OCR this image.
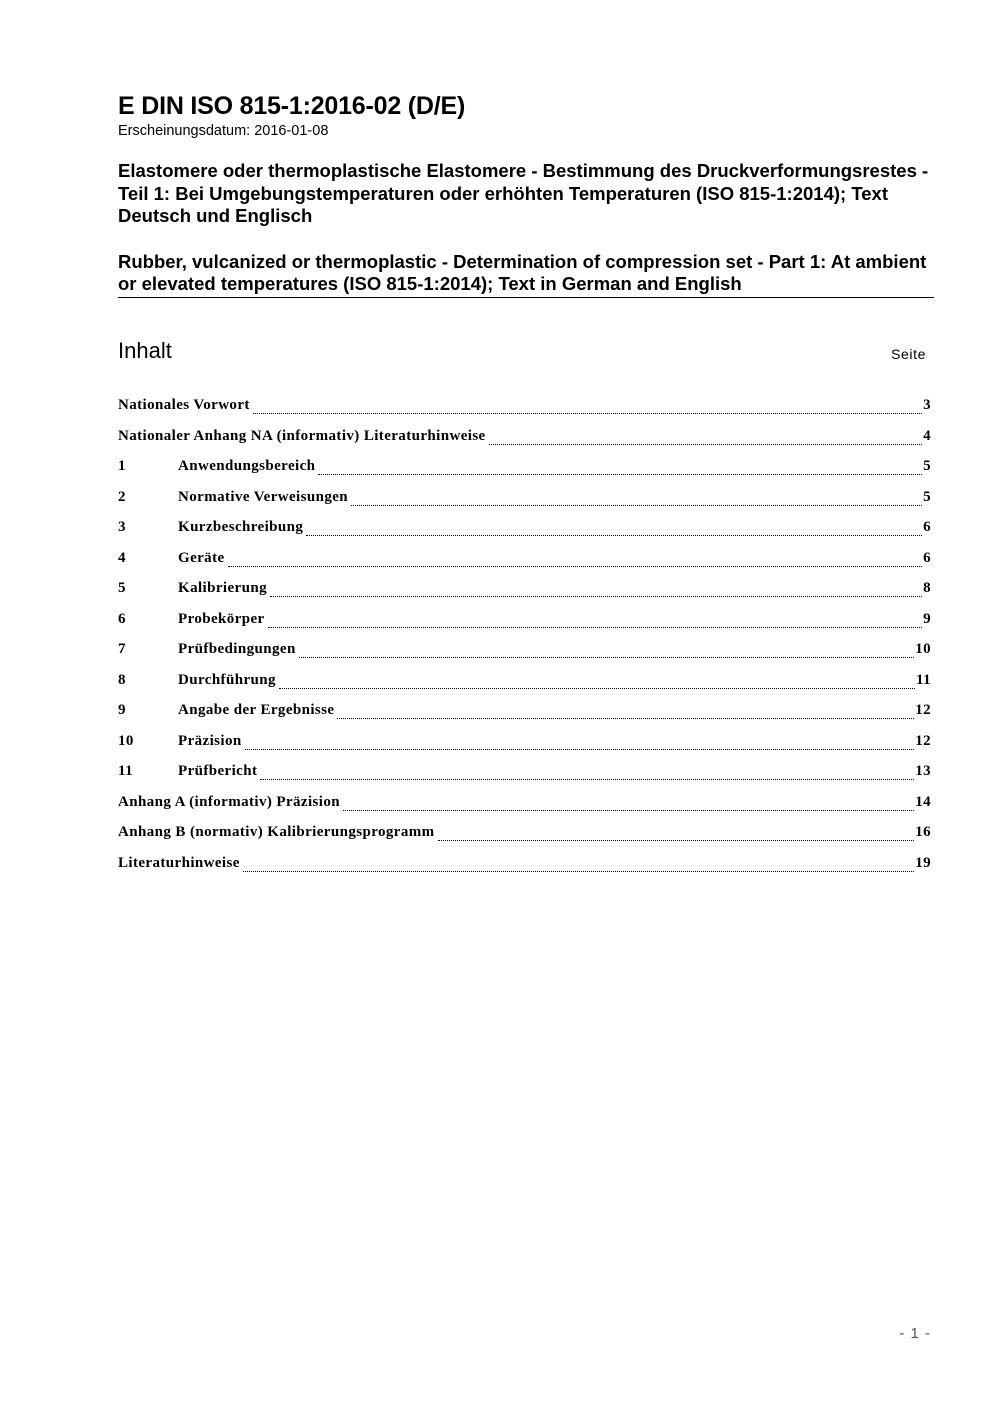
E DIN ISO 815-1:2016-02 (D/E)
Erscheinungsdatum: 2016-01-08
Elastomere oder thermoplastische Elastomere - Bestimmung des Druckverformungsrestes - Teil 1: Bei Umgebungstemperaturen oder erhöhten Temperaturen (ISO 815-1:2014); Text Deutsch und Englisch
Rubber, vulcanized or thermoplastic - Determination of compression set - Part 1: At ambient or elevated temperatures (ISO 815-1:2014); Text in German and English
Inhalt	Seite
Nationales Vorwort	3
Nationaler Anhang NA (informativ) Literaturhinweise	4
1	Anwendungsbereich	5
2	Normative Verweisungen	5
3	Kurzbeschreibung	6
4	Geräte	6
5	Kalibrierung	8
6	Probekörper	9
7	Prüfbedingungen	10
8	Durchführung	11
9	Angabe der Ergebnisse	12
10	Präzision	12
11	Prüfbericht	13
Anhang A (informativ) Präzision	14
Anhang B (normativ) Kalibrierungsprogramm	16
Literaturhinweise	19
- 1 -
